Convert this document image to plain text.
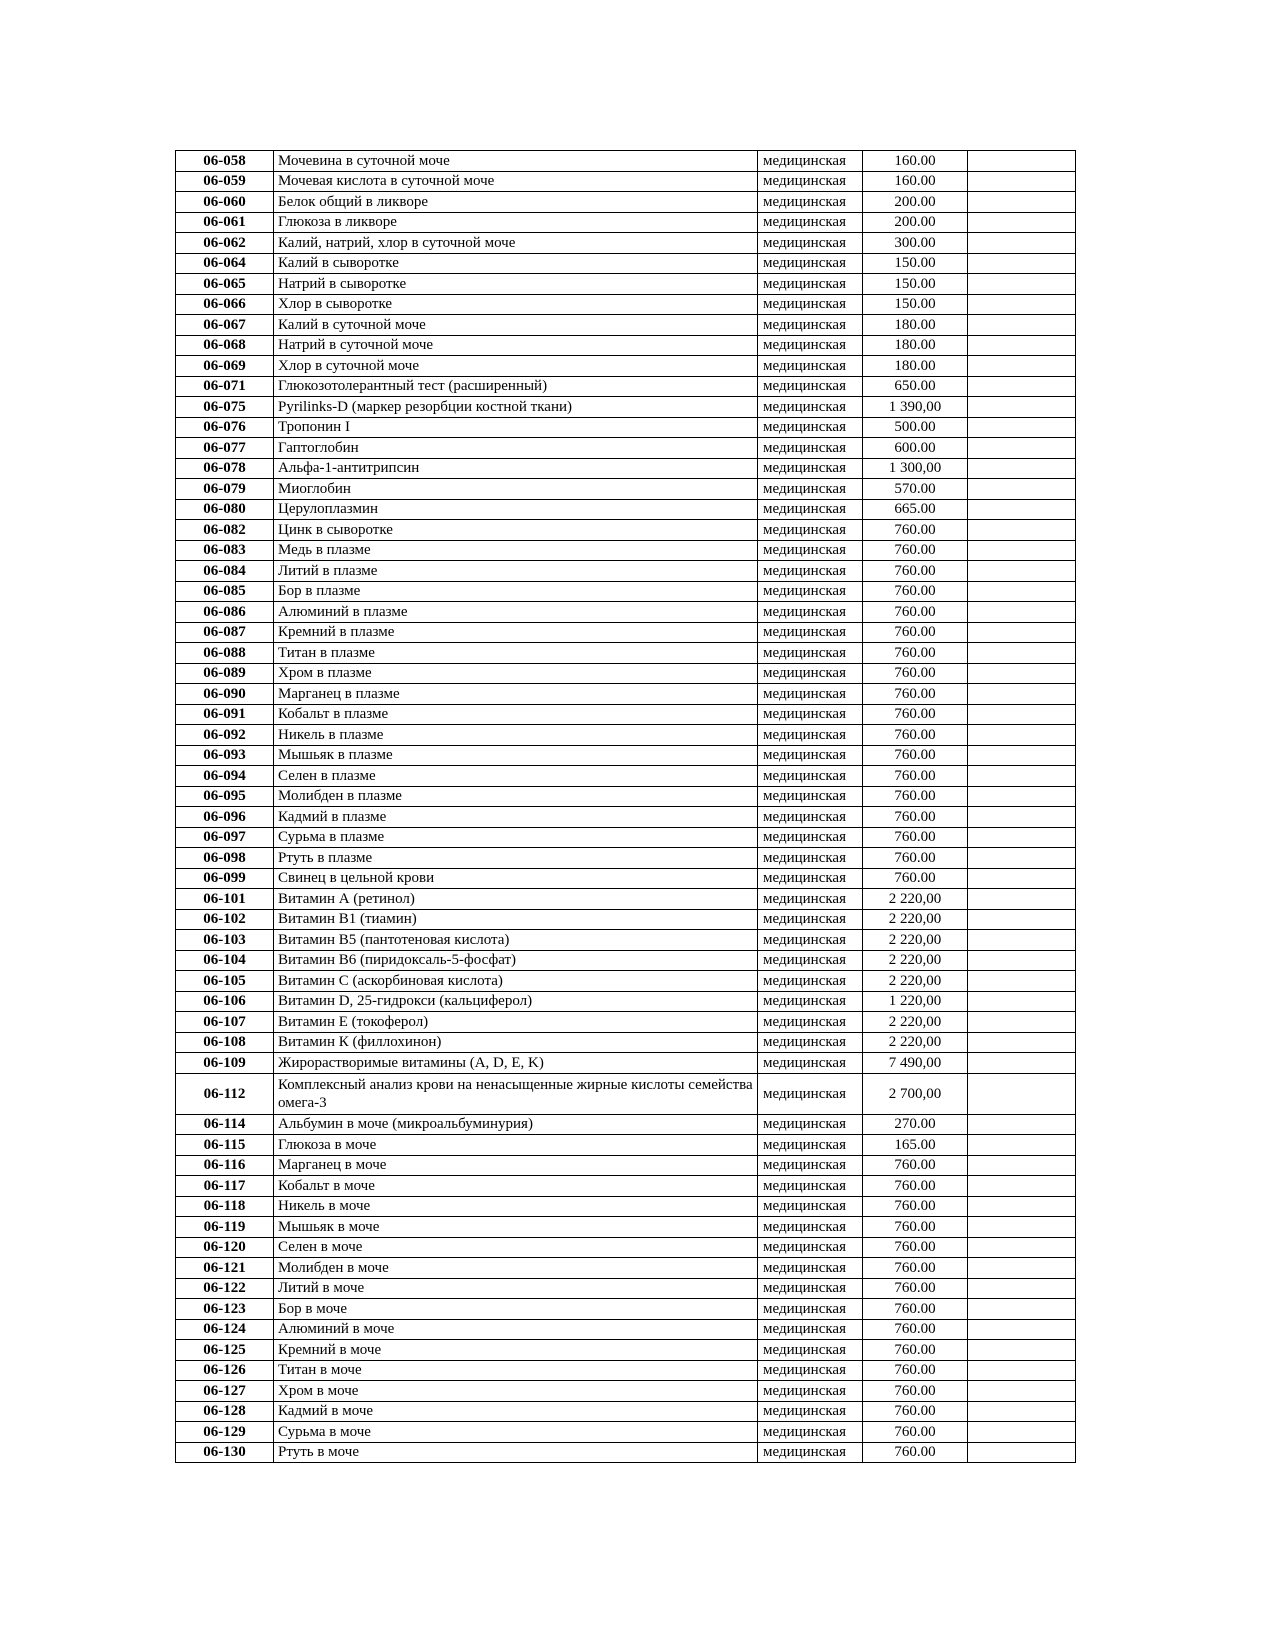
06-058	Мочевина в суточной моче	медицинская	160.00	
06-059	Мочевая кислота в суточной моче	медицинская	160.00	
06-060	Белок общий в ликворе	медицинская	200.00	
06-061	Глюкоза в ликворе	медицинская	200.00	
06-062	Калий, натрий, хлор в суточной моче	медицинская	300.00	
06-064	Калий в сыворотке	медицинская	150.00	
06-065	Натрий в сыворотке	медицинская	150.00	
06-066	Хлор в сыворотке	медицинская	150.00	
06-067	Калий в суточной моче	медицинская	180.00	
06-068	Натрий в суточной моче	медицинская	180.00	
06-069	Хлор в суточной моче	медицинская	180.00	
06-071	Глюкозотолерантный тест (расширенный)	медицинская	650.00	
06-075	Pyrilinks-D (маркер резорбции костной ткани)	медицинская	1 390,00	
06-076	Тропонин I	медицинская	500.00	
06-077	Гаптоглобин	медицинская	600.00	
06-078	Альфа-1-антитрипсин	медицинская	1 300,00	
06-079	Миоглобин	медицинская	570.00	
06-080	Церулоплазмин	медицинская	665.00	
06-082	Цинк в сыворотке	медицинская	760.00	
06-083	Медь в плазме	медицинская	760.00	
06-084	Литий в плазме	медицинская	760.00	
06-085	Бор в плазме	медицинская	760.00	
06-086	Алюминий в плазме	медицинская	760.00	
06-087	Кремний в плазме	медицинская	760.00	
06-088	Титан в плазме	медицинская	760.00	
06-089	Хром в плазме	медицинская	760.00	
06-090	Марганец в плазме	медицинская	760.00	
06-091	Кобальт в плазме	медицинская	760.00	
06-092	Никель в плазме	медицинская	760.00	
06-093	Мышьяк в плазме	медицинская	760.00	
06-094	Селен в плазме	медицинская	760.00	
06-095	Молибден в плазме	медицинская	760.00	
06-096	Кадмий в плазме	медицинская	760.00	
06-097	Сурьма в плазме	медицинская	760.00	
06-098	Ртуть в плазме	медицинская	760.00	
06-099	Свинец в цельной крови	медицинская	760.00	
06-101	Витамин А (ретинол)	медицинская	2 220,00	
06-102	Витамин В1 (тиамин)	медицинская	2 220,00	
06-103	Витамин В5 (пантотеновая кислота)	медицинская	2 220,00	
06-104	Витамин В6 (пиридоксаль-5-фосфат)	медицинская	2 220,00	
06-105	Витамин С (аскорбиновая кислота)	медицинская	2 220,00	
06-106	Витамин D, 25-гидрокси (кальциферол)	медицинская	1 220,00	
06-107	Витамин Е (токоферол)	медицинская	2 220,00	
06-108	Витамин К (филлохинон)	медицинская	2 220,00	
06-109	Жирорастворимые витамины (A, D, E, K)	медицинская	7 490,00	
06-112	Комплексный анализ крови на ненасыщенные жирные кислоты семейства омега-3	медицинская	2 700,00	
06-114	Альбумин в моче (микроальбуминурия)	медицинская	270.00	
06-115	Глюкоза в моче	медицинская	165.00	
06-116	Марганец в моче	медицинская	760.00	
06-117	Кобальт в моче	медицинская	760.00	
06-118	Никель в моче	медицинская	760.00	
06-119	Мышьяк в моче	медицинская	760.00	
06-120	Селен в моче	медицинская	760.00	
06-121	Молибден в моче	медицинская	760.00	
06-122	Литий в моче	медицинская	760.00	
06-123	Бор в моче	медицинская	760.00	
06-124	Алюминий в моче	медицинская	760.00	
06-125	Кремний в моче	медицинская	760.00	
06-126	Титан в моче	медицинская	760.00	
06-127	Хром в моче	медицинская	760.00	
06-128	Кадмий в моче	медицинская	760.00	
06-129	Сурьма в моче	медицинская	760.00	
06-130	Ртуть в моче	медицинская	760.00	
